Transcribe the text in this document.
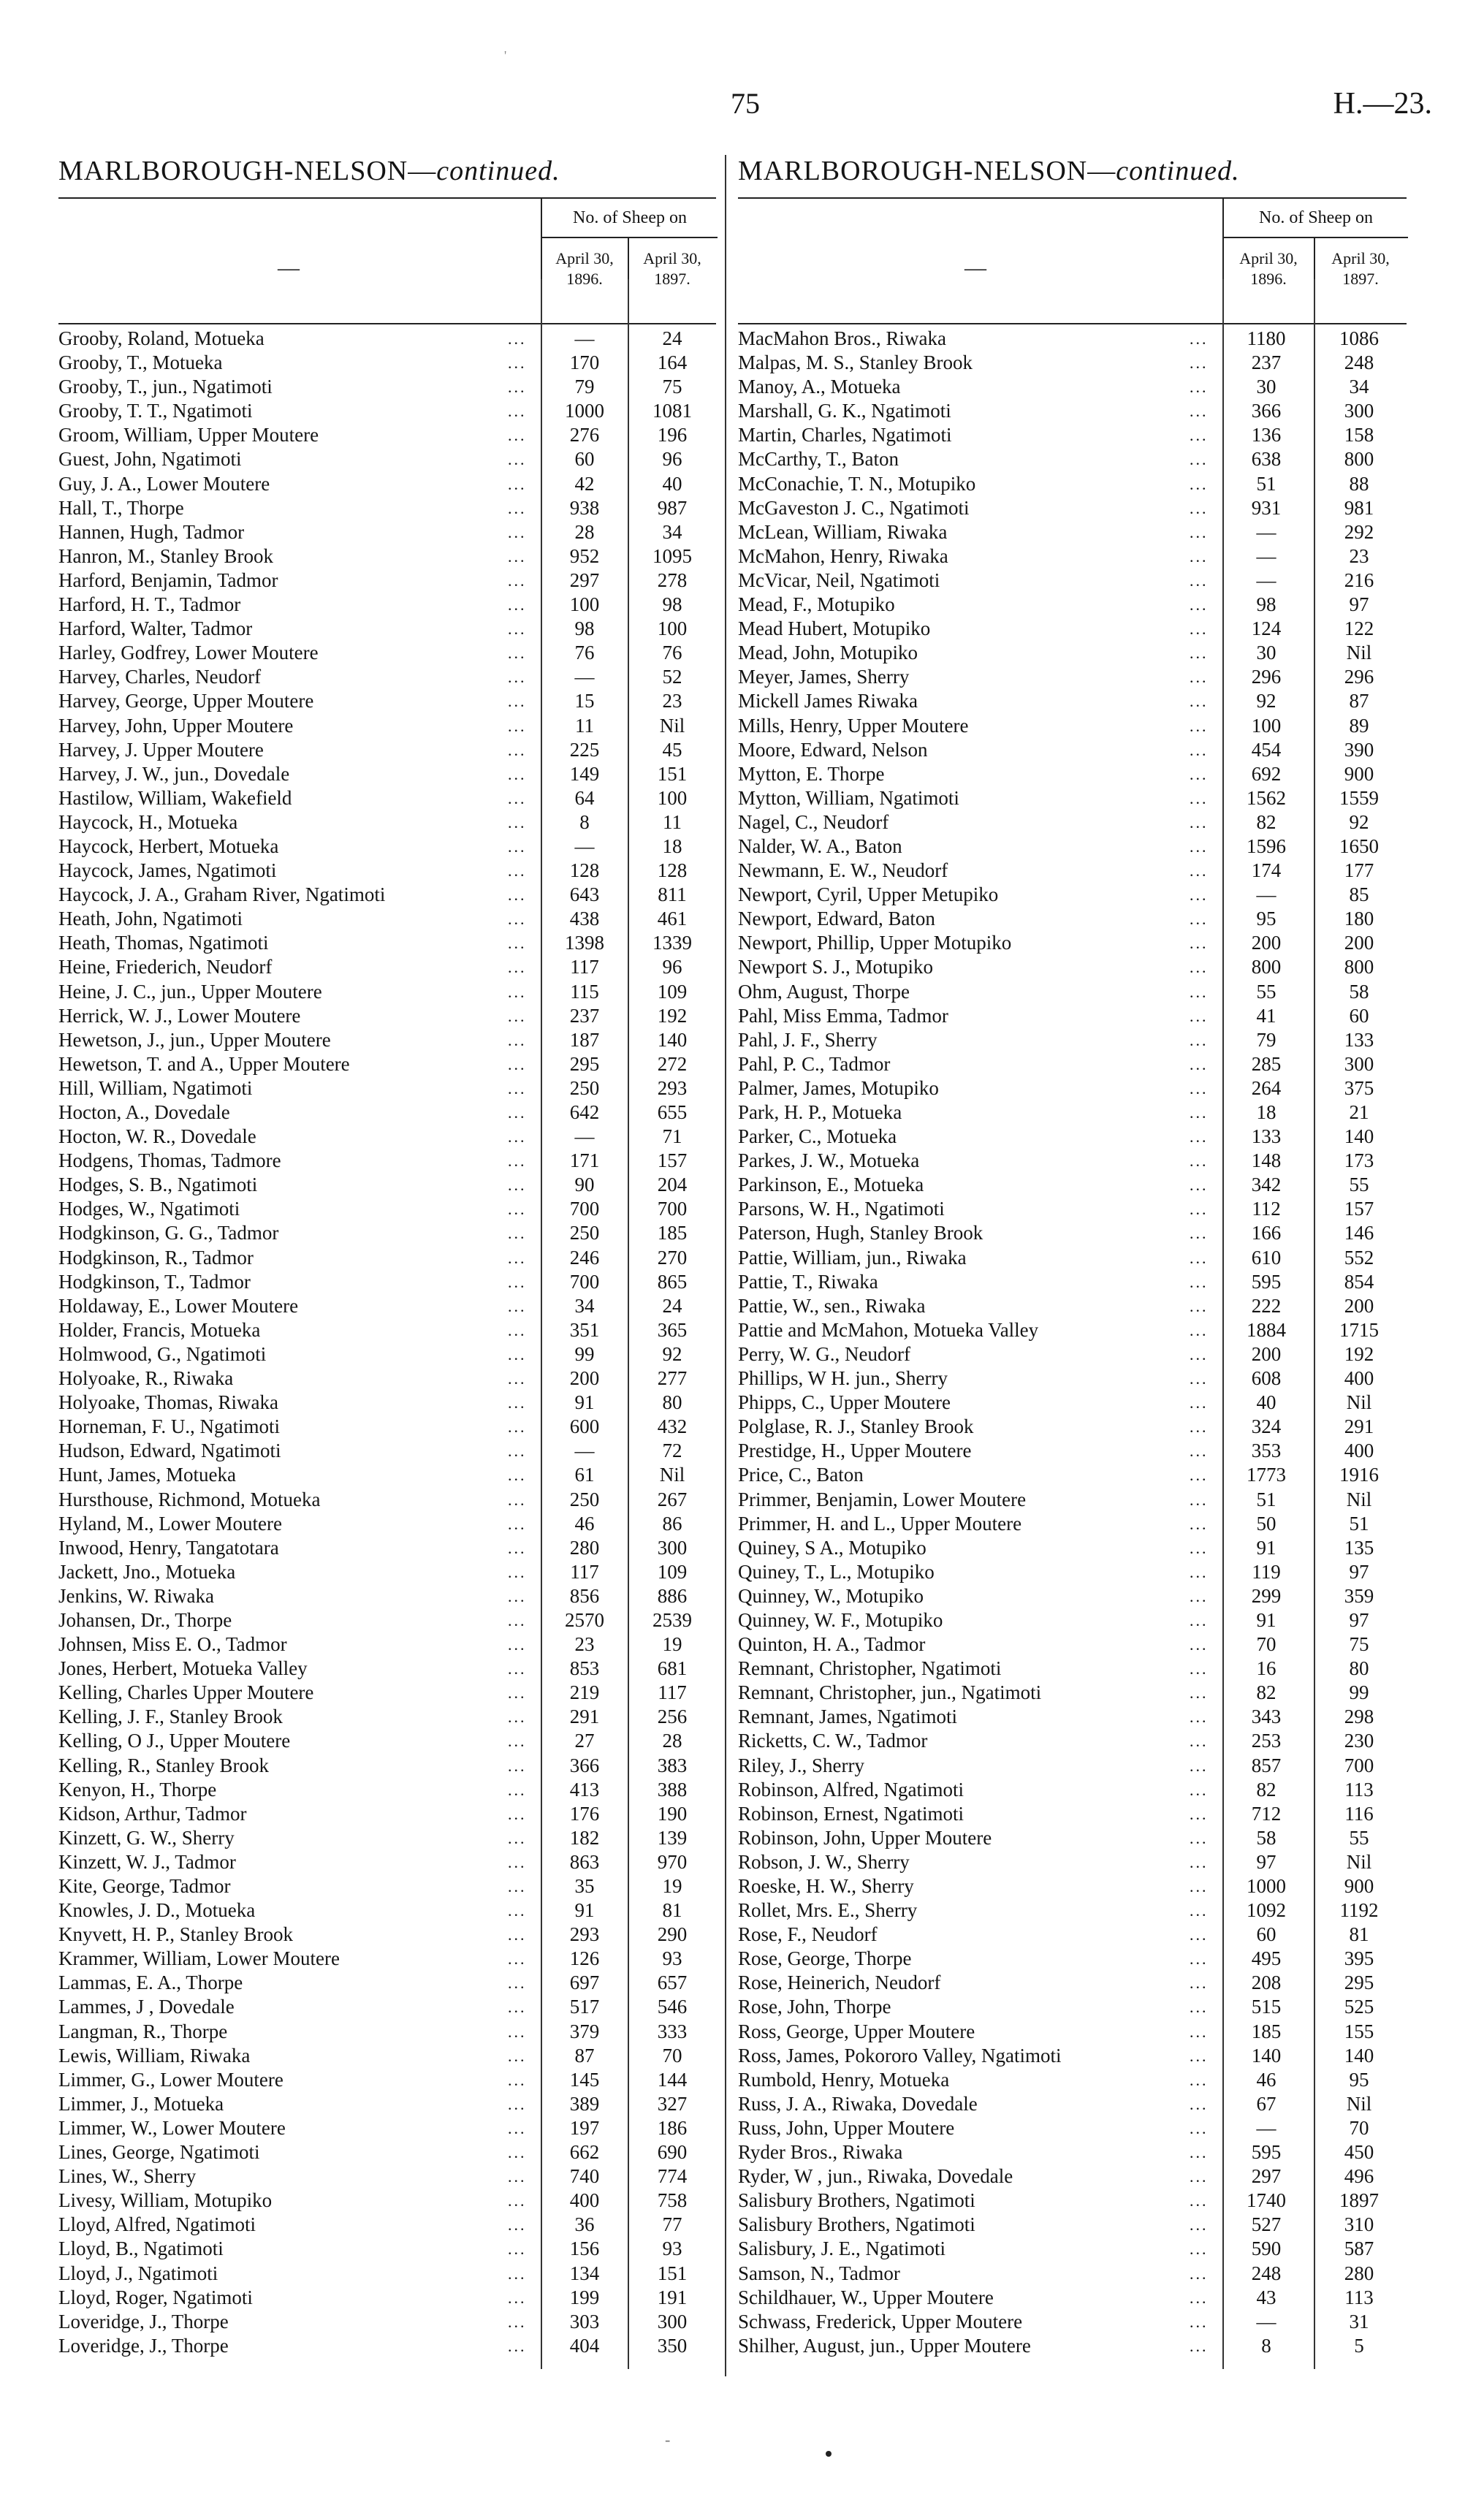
'
75	H.—23.
MARLBOROUGH-NELSON—continued.
—
No. of Sheep on
April 30, 1896.
April 30, 1897.
Grooby, Roland, Motueka	...	—	24
Grooby, T., Motueka	...	170	164
Grooby, T., jun., Ngatimoti	...	79	75
Grooby, T. T., Ngatimoti	...	1000	1081
Groom, William, Upper Moutere	...	276	196
Guest, John, Ngatimoti	...	60	96
Guy, J. A., Lower Moutere	...	42	40
Hall, T., Thorpe	...	938	987
Hannen, Hugh, Tadmor	...	28	34
Hanron, M., Stanley Brook	...	952	1095
Harford, Benjamin, Tadmor	...	297	278
Harford, H. T., Tadmor	...	100	98
Harford, Walter, Tadmor	...	98	100
Harley, Godfrey, Lower Moutere	...	76	76
Harvey, Charles, Neudorf	...	—	52
Harvey, George, Upper Moutere	...	15	23
Harvey, John, Upper Moutere	...	11	Nil
Harvey, J. Upper Moutere	...	225	45
Harvey, J. W., jun., Dovedale	...	149	151
Hastilow, William, Wakefield	...	64	100
Haycock, H., Motueka	...	8	11
Haycock, Herbert, Motueka	...	—	18
Haycock, James, Ngatimoti	...	128	128
Haycock, J. A., Graham River, Ngatimoti	...	643	811
Heath, John, Ngatimoti	...	438	461
Heath, Thomas, Ngatimoti	...	1398	1339
Heine, Friederich, Neudorf	...	117	96
Heine, J. C., jun., Upper Moutere	...	115	109
Herrick, W. J., Lower Moutere	...	237	192
Hewetson, J., jun., Upper Moutere	...	187	140
Hewetson, T. and A., Upper Moutere	...	295	272
Hill, William, Ngatimoti	...	250	293
Hocton, A., Dovedale	...	642	655
Hocton, W. R., Dovedale	...	—	71
Hodgens, Thomas, Tadmore	...	171	157
Hodges, S. B., Ngatimoti	...	90	204
Hodges, W., Ngatimoti	...	700	700
Hodgkinson, G. G., Tadmor	...	250	185
Hodgkinson, R., Tadmor	...	246	270
Hodgkinson, T., Tadmor	...	700	865
Holdaway, E., Lower Moutere	...	34	24
Holder, Francis, Motueka	...	351	365
Holmwood, G., Ngatimoti	...	99	92
Holyoake, R., Riwaka	...	200	277
Holyoake, Thomas, Riwaka	...	91	80
Horneman, F. U., Ngatimoti	...	600	432
Hudson, Edward, Ngatimoti	...	—	72
Hunt, James, Motueka	...	61	Nil
Hursthouse, Richmond, Motueka	...	250	267
Hyland, M., Lower Moutere	...	46	86
Inwood, Henry, Tangatotara	...	280	300
Jackett, Jno., Motueka	...	117	109
Jenkins, W. Riwaka	...	856	886
Johansen, Dr., Thorpe	...	2570	2539
Johnsen, Miss E. O., Tadmor	...	23	19
Jones, Herbert, Motueka Valley	...	853	681
Kelling, Charles Upper Moutere	...	219	117
Kelling, J. F., Stanley Brook	...	291	256
Kelling, O J., Upper Moutere	...	27	28
Kelling, R., Stanley Brook	...	366	383
Kenyon, H., Thorpe	...	413	388
Kidson, Arthur, Tadmor	...	176	190
Kinzett, G. W., Sherry	...	182	139
Kinzett, W. J., Tadmor	...	863	970
Kite, George, Tadmor	...	35	19
Knowles, J. D., Motueka	...	91	81
Knyvett, H. P., Stanley Brook	...	293	290
Krammer, William, Lower Moutere	...	126	93
Lammas, E. A., Thorpe	...	697	657
Lammes, J , Dovedale	...	517	546
Langman, R., Thorpe	...	379	333
Lewis, William, Riwaka	...	87	70
Limmer, G., Lower Moutere	...	145	144
Limmer, J., Motueka	...	389	327
Limmer, W., Lower Moutere	...	197	186
Lines, George, Ngatimoti	...	662	690
Lines, W., Sherry	...	740	774
Livesy, William, Motupiko	...	400	758
Lloyd, Alfred, Ngatimoti	...	36	77
Lloyd, B., Ngatimoti	...	156	93
Lloyd, J., Ngatimoti	...	134	151
Lloyd, Roger, Ngatimoti	...	199	191
Loveridge, J., Thorpe	...	303	300
Loveridge, J., Thorpe	...	404	350
MARLBOROUGH-NELSON—continued.
—
No. of Sheep on
April 30, 1896.
April 30, 1897.
MacMahon Bros., Riwaka	...	1180	1086
Malpas, M. S., Stanley Brook	...	237	248
Manoy, A., Motueka	...	30	34
Marshall, G. K., Ngatimoti	...	366	300
Martin, Charles, Ngatimoti	...	136	158
McCarthy, T., Baton	...	638	800
McConachie, T. N., Motupiko	...	51	88
McGaveston J. C., Ngatimoti	...	931	981
McLean, William, Riwaka	...	—	292
McMahon, Henry, Riwaka	...	—	23
McVicar, Neil, Ngatimoti	...	—	216
Mead, F., Motupiko	...	98	97
Mead Hubert, Motupiko	...	124	122
Mead, John, Motupiko	...	30	Nil
Meyer, James, Sherry	...	296	296
Mickell James Riwaka	...	92	87
Mills, Henry, Upper Moutere	...	100	89
Moore, Edward, Nelson	...	454	390
Mytton, E. Thorpe	...	692	900
Mytton, William, Ngatimoti	...	1562	1559
Nagel, C., Neudorf	...	82	92
Nalder, W. A., Baton	...	1596	1650
Newmann, E. W., Neudorf	...	174	177
Newport, Cyril, Upper Metupiko	...	—	85
Newport, Edward, Baton	...	95	180
Newport, Phillip, Upper Motupiko	...	200	200
Newport S. J., Motupiko	...	800	800
Ohm, August, Thorpe	...	55	58
Pahl, Miss Emma, Tadmor	...	41	60
Pahl, J. F., Sherry	...	79	133
Pahl, P. C., Tadmor	...	285	300
Palmer, James, Motupiko	...	264	375
Park, H. P., Motueka	...	18	21
Parker, C., Motueka	...	133	140
Parkes, J. W., Motueka	...	148	173
Parkinson, E., Motueka	...	342	55
Parsons, W. H., Ngatimoti	...	112	157
Paterson, Hugh, Stanley Brook	...	166	146
Pattie, William, jun., Riwaka	...	610	552
Pattie, T., Riwaka	...	595	854
Pattie, W., sen., Riwaka	...	222	200
Pattie and McMahon, Motueka Valley	...	1884	1715
Perry, W. G., Neudorf	...	200	192
Phillips, W H. jun., Sherry	...	608	400
Phipps, C., Upper Moutere	...	40	Nil
Polglase, R. J., Stanley Brook	...	324	291
Prestidge, H., Upper Moutere	...	353	400
Price, C., Baton	...	1773	1916
Primmer, Benjamin, Lower Moutere	...	51	Nil
Primmer, H. and L., Upper Moutere	...	50	51
Quiney, S A., Motupiko	...	91	135
Quiney, T., L., Motupiko	...	119	97
Quinney, W., Motupiko	...	299	359
Quinney, W. F., Motupiko	...	91	97
Quinton, H. A., Tadmor	...	70	75
Remnant, Christopher, Ngatimoti	...	16	80
Remnant, Christopher, jun., Ngatimoti	...	82	99
Remnant, James, Ngatimoti	...	343	298
Ricketts, C. W., Tadmor	...	253	230
Riley, J., Sherry	...	857	700
Robinson, Alfred, Ngatimoti	...	82	113
Robinson, Ernest, Ngatimoti	...	712	116
Robinson, John, Upper Moutere	...	58	55
Robson, J. W., Sherry	...	97	Nil
Roeske, H. W., Sherry	...	1000	900
Rollet, Mrs. E., Sherry	...	1092	1192
Rose, F., Neudorf	...	60	81
Rose, George, Thorpe	...	495	395
Rose, Heinerich, Neudorf	...	208	295
Rose, John, Thorpe	...	515	525
Ross, George, Upper Moutere	...	185	155
Ross, James, Pokororo Valley, Ngatimoti	...	140	140
Rumbold, Henry, Motueka	...	46	95
Russ, J. A., Riwaka, Dovedale	...	67	Nil
Russ, John, Upper Moutere	...	—	70
Ryder Bros., Riwaka	...	595	450
Ryder, W , jun., Riwaka, Dovedale	...	297	496
Salisbury Brothers, Ngatimoti	...	1740	1897
Salisbury Brothers, Ngatimoti	...	527	310
Salisbury, J. E., Ngatimoti	...	590	587
Samson, N., Tadmor	...	248	280
Schildhauer, W., Upper Moutere	...	43	113
Schwass, Frederick, Upper Moutere	...	—	31
Shilher, August, jun., Upper Moutere	...	8	5
-
